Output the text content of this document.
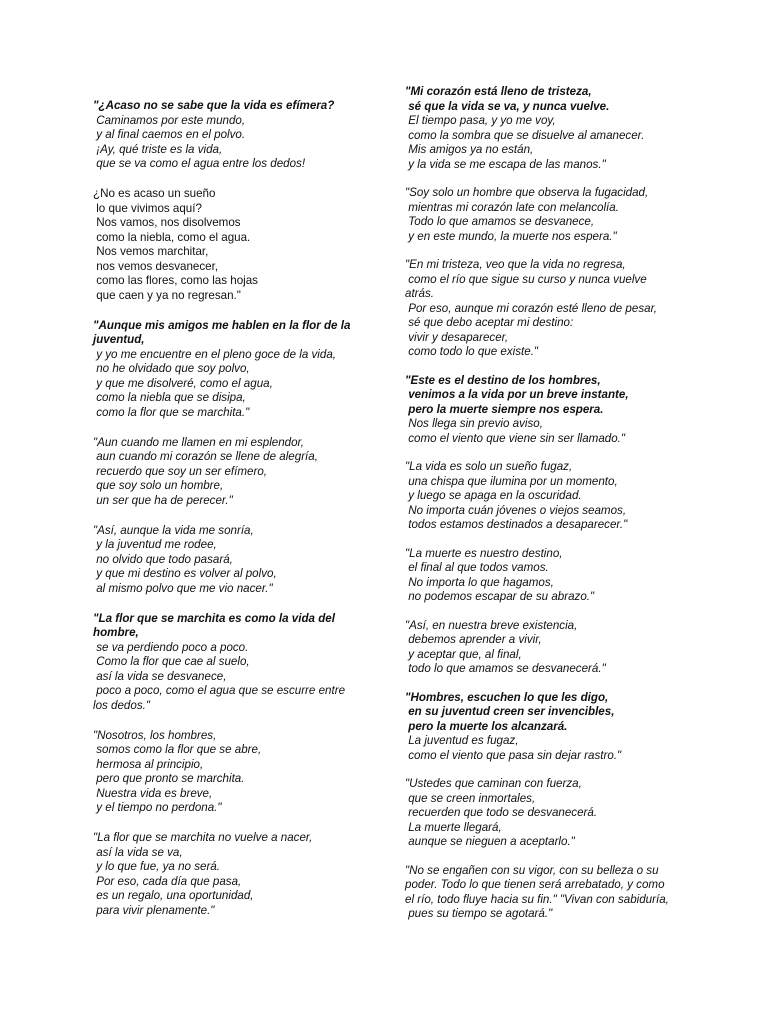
"¿Acaso no se sabe que la vida es efímera?
Caminamos por este mundo,
y al final caemos en el polvo.
¡Ay, qué triste es la vida,
que se va como el agua entre los dedos!
¿No es acaso un sueño
lo que vivimos aquí?
Nos vamos, nos disolvemos
como la niebla, como el agua.
Nos vemos marchitar,
nos vemos desvanecer,
como las flores, como las hojas
que caen y ya no regresan."
"Aunque mis amigos me hablen en la flor de la
juventud,
y yo me encuentre en el pleno goce de la vida,
no he olvidado que soy polvo,
y que me disolveré, como el agua,
como la niebla que se disipa,
como la flor que se marchita."
"Aun cuando me llamen en mi esplendor,
aun cuando mi corazón se llene de alegría,
recuerdo que soy un ser efímero,
que soy solo un hombre,
un ser que ha de perecer."
"Así, aunque la vida me sonría,
y la juventud me rodee,
no olvido que todo pasará,
y que mi destino es volver al polvo,
al mismo polvo que me vio nacer."
"La flor que se marchita es como la vida del
hombre,
se va perdiendo poco a poco.
Como la flor que cae al suelo,
así la vida se desvanece,
poco a poco, como el agua que se escurre entre
los dedos."
"Nosotros, los hombres,
somos como la flor que se abre,
hermosa al principio,
pero que pronto se marchita.
Nuestra vida es breve,
y el tiempo no perdona."
"La flor que se marchita no vuelve a nacer,
así la vida se va,
y lo que fue, ya no será.
Por eso, cada día que pasa,
es un regalo, una oportunidad,
para vivir plenamente."
"Mi corazón está lleno de tristeza,
sé que la vida se va, y nunca vuelve.
El tiempo pasa, y yo me voy,
como la sombra que se disuelve al amanecer.
Mis amigos ya no están,
y la vida se me escapa de las manos."
"Soy solo un hombre que observa la fugacidad,
mientras mi corazón late con melancolía.
Todo lo que amamos se desvanece,
y en este mundo, la muerte nos espera."
"En mi tristeza, veo que la vida no regresa,
como el río que sigue su curso y nunca vuelve
atrás.
Por eso, aunque mi corazón esté lleno de pesar,
sé que debo aceptar mi destino:
vivir y desaparecer,
como todo lo que existe."
"Este es el destino de los hombres,
venimos a la vida por un breve instante,
pero la muerte siempre nos espera.
Nos llega sin previo aviso,
como el viento que viene sin ser llamado."
"La vida es solo un sueño fugaz,
una chispa que ilumina por un momento,
y luego se apaga en la oscuridad.
No importa cuán jóvenes o viejos seamos,
todos estamos destinados a desaparecer."
"La muerte es nuestro destino,
el final al que todos vamos.
No importa lo que hagamos,
no podemos escapar de su abrazo."
"Así, en nuestra breve existencia,
debemos aprender a vivir,
y aceptar que, al final,
todo lo que amamos se desvanecerá."
"Hombres, escuchen lo que les digo,
en su juventud creen ser invencibles,
pero la muerte los alcanzará.
La juventud es fugaz,
como el viento que pasa sin dejar rastro."
"Ustedes que caminan con fuerza,
que se creen inmortales,
recuerden que todo se desvanecerá.
La muerte llegará,
aunque se nieguen a aceptarlo."
"No se engañen con su vigor, con su belleza o su
poder. Todo lo que tienen será arrebatado, y como
el río, todo fluye hacia su fin." "Vivan con sabiduría,
pues su tiempo se agotará."
